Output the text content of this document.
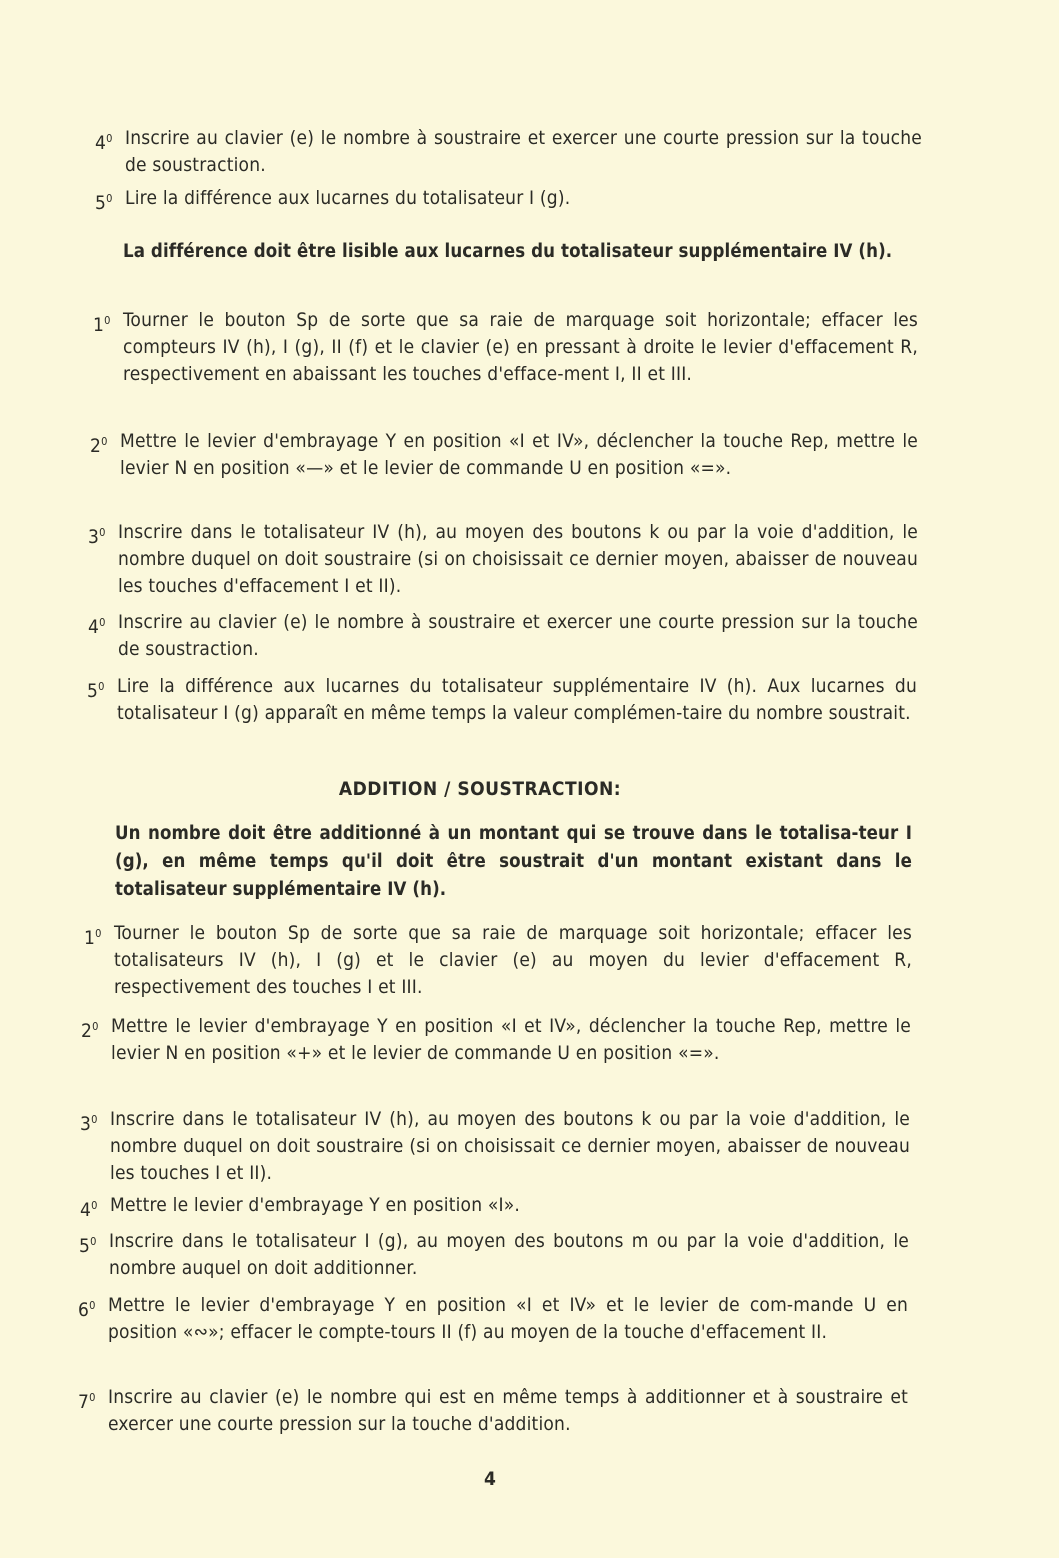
$4^0$ Inscrire au clavier (e) le nombre à soustraire et exercer une courte pression sur la touche de soustraction.
$5^0$ Lire la différence aux lucarnes du totalisateur I (g).
La différence doit être lisible aux lucarnes du totalisateur supplémentaire IV (h).
$1^0$ Tourner le bouton Sp de sorte que sa raie de marquage soit horizontale; effacer les compteurs IV (h), I (g), II (f) et le clavier (e) en pressant à droite le levier d'effacement R, respectivement en abaissant les touches d'efface-ment I, II et III.
$2^0$ Mettre le levier d'embrayage Y en position «I et IV», déclencher la touche Rep, mettre le levier N en position «—» et le levier de commande U en position «=».
$3^0$ Inscrire dans le totalisateur IV (h), au moyen des boutons k ou par la voie d'addition, le nombre duquel on doit soustraire (si on choisissait ce dernier moyen, abaisser de nouveau les touches d'effacement I et II).
$4^0$ Inscrire au clavier (e) le nombre à soustraire et exercer une courte pression sur la touche de soustraction.
$5^0$ Lire la différence aux lucarnes du totalisateur supplémentaire IV (h). Aux lucarnes du totalisateur I (g) apparaît en même temps la valeur complémen-taire du nombre soustrait.
ADDITION / SOUSTRACTION:
Un nombre doit être additionné à un montant qui se trouve dans le totalisa-teur I (g), en même temps qu'il doit être soustrait d'un montant existant dans le totalisateur supplémentaire IV (h).
$1^0$ Tourner le bouton Sp de sorte que sa raie de marquage soit horizontale; effacer les totalisateurs IV (h), I (g) et le clavier (e) au moyen du levier d'effacement R, respectivement des touches I et III.
$2^0$ Mettre le levier d'embrayage Y en position «I et IV», déclencher la touche Rep, mettre le levier N en position «+» et le levier de commande U en position «=».
$3^0$ Inscrire dans le totalisateur IV (h), au moyen des boutons k ou par la voie d'addition, le nombre duquel on doit soustraire (si on choisissait ce dernier moyen, abaisser de nouveau les touches I et II).
$4^0$ Mettre le levier d'embrayage Y en position «I».
$5^0$ Inscrire dans le totalisateur I (g), au moyen des boutons m ou par la voie d'addition, le nombre auquel on doit additionner.
$6^0$ Mettre le levier d'embrayage Y en position «I et IV» et le levier de com-mande U en position «∾»; effacer le compte-tours II (f) au moyen de la touche d'effacement II.
$7^0$ Inscrire au clavier (e) le nombre qui est en même temps à additionner et à soustraire et exercer une courte pression sur la touche d'addition.
4
